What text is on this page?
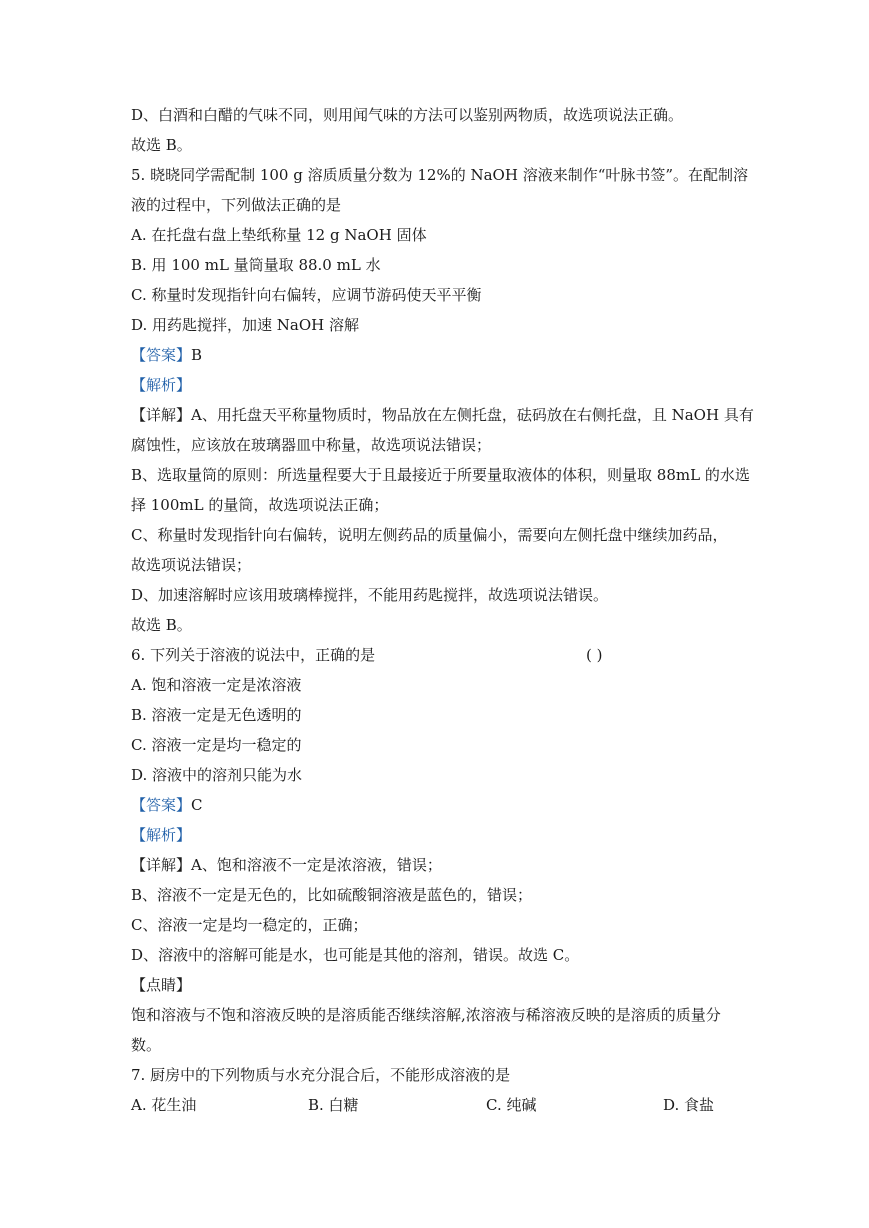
D、白酒和白醋的气味不同，则用闻气味的方法可以鉴别两物质，故选项说法正确。
故选 B。
5. 晓晓同学需配制 100 g 溶质质量分数为 12%的 NaOH 溶液来制作“叶脉书签”。在配制溶
液的过程中，下列做法正确的是
A. 在托盘右盘上垫纸称量 12 g NaOH 固体
B. 用 100 mL 量筒量取 88.0 mL 水
C. 称量时发现指针向右偏转，应调节游码使天平平衡
D. 用药匙搅拌，加速 NaOH 溶解
【答案】B
【解析】
【详解】A、用托盘天平称量物质时，物品放在左侧托盘，砝码放在右侧托盘，且 NaOH 具有
腐蚀性，应该放在玻璃器皿中称量，故选项说法错误；
B、选取量筒的原则：所选量程要大于且最接近于所要量取液体的体积，则量取 88mL 的水选
择 100mL 的量筒，故选项说法正确；
C、称量时发现指针向右偏转，说明左侧药品的质量偏小，需要向左侧托盘中继续加药品，
故选项说法错误；
D、加速溶解时应该用玻璃棒搅拌，不能用药匙搅拌，故选项说法错误。
故选 B。
6. 下列关于溶液的说法中，正确的是	( )
A. 饱和溶液一定是浓溶液
B. 溶液一定是无色透明的
C. 溶液一定是均一稳定的
D. 溶液中的溶剂只能为水
【答案】C
【解析】
【详解】A、饱和溶液不一定是浓溶液，错误；
B、溶液不一定是无色的，比如硫酸铜溶液是蓝色的，错误；
C、溶液一定是均一稳定的，正确；
D、溶液中的溶解可能是水，也可能是其他的溶剂，错误。故选 C。
【点睛】
饱和溶液与不饱和溶液反映的是溶质能否继续溶解,浓溶液与稀溶液反映的是溶质的质量分
数。
7. 厨房中的下列物质与水充分混合后，不能形成溶液的是
A. 花生油	B. 白糖	C. 纯碱	D. 食盐
